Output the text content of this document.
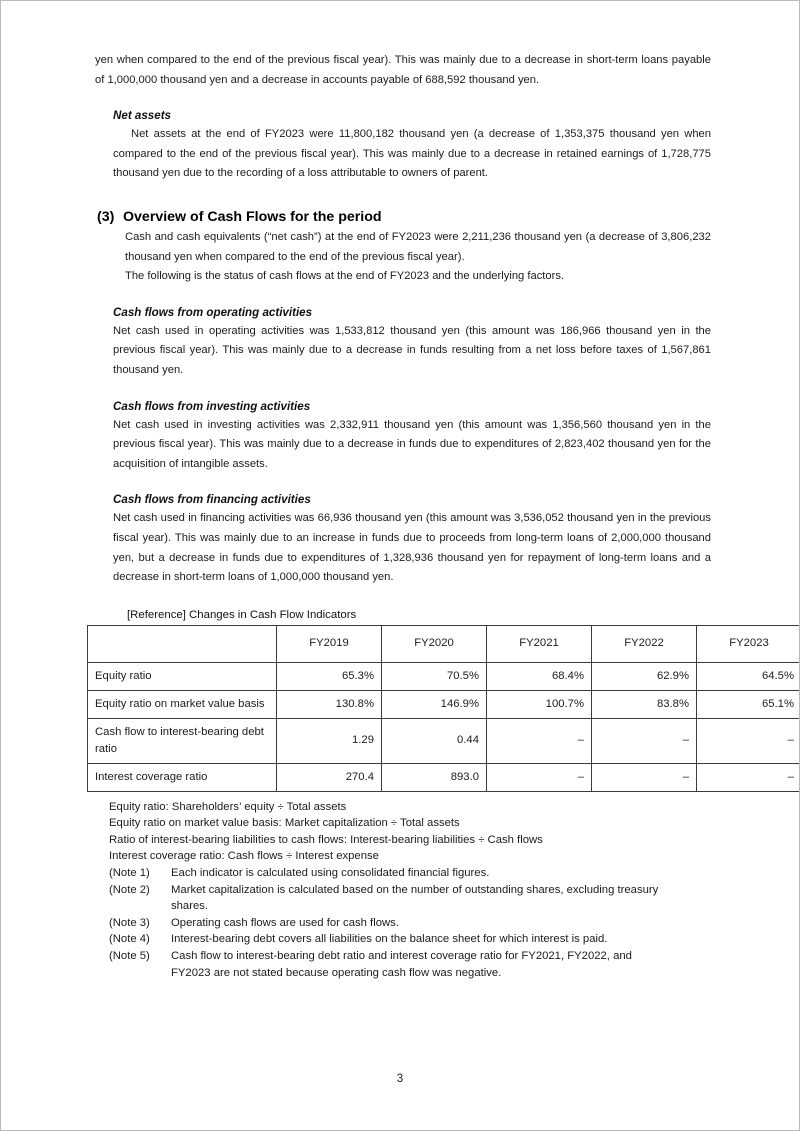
yen when compared to the end of the previous fiscal year). This was mainly due to a decrease in short-term loans payable of 1,000,000 thousand yen and a decrease in accounts payable of 688,592 thousand yen.

Net assets

Net assets at the end of FY2023 were 11,800,182 thousand yen (a decrease of 1,353,375 thousand yen when compared to the end of the previous fiscal year). This was mainly due to a decrease in retained earnings of 1,728,775 thousand yen due to the recording of a loss attributable to owners of parent.

(3) Overview of Cash Flows for the period

Cash and cash equivalents (“net cash”) at the end of FY2023 were 2,211,236 thousand yen (a decrease of 3,806,232 thousand yen when compared to the end of the previous fiscal year).

The following is the status of cash flows at the end of FY2023 and the underlying factors.

Cash flows from operating activities

Net cash used in operating activities was 1,533,812 thousand yen (this amount was 186,966 thousand yen in the previous fiscal year). This was mainly due to a decrease in funds resulting from a net loss before taxes of 1,567,861 thousand yen.

Cash flows from investing activities

Net cash used in investing activities was 2,332,911 thousand yen (this amount was 1,356,560 thousand yen in the previous fiscal year). This was mainly due to a decrease in funds due to expenditures of 2,823,402 thousand yen for the acquisition of intangible assets.

Cash flows from financing activities

Net cash used in financing activities was 66,936 thousand yen (this amount was 3,536,052 thousand yen in the previous fiscal year). This was mainly due to an increase in funds due to proceeds from long-term loans of 2,000,000 thousand yen, but a decrease in funds due to expenditures of 1,328,936 thousand yen for repayment of long-term loans and a decrease in short-term loans of 1,000,000 thousand yen.

[Reference] Changes in Cash Flow Indicators
	FY2019	FY2020	FY2021	FY2022	FY2023
Equity ratio	65.3%	70.5%	68.4%	62.9%	64.5%
Equity ratio on market value basis	130.8%	146.9%	100.7%	83.8%	65.1%
Cash flow to interest-bearing debt ratio	1.29	0.44	–	–	–
Interest coverage ratio	270.4	893.0	–	–	–
Equity ratio: Shareholders’ equity ÷ Total assets
Equity ratio on market value basis: Market capitalization ÷ Total assets
Ratio of interest-bearing liabilities to cash flows: Interest-bearing liabilities ÷ Cash flows
Interest coverage ratio: Cash flows ÷ Interest expense
(Note 1)	Each indicator is calculated using consolidated financial figures.
(Note 2)	Market capitalization is calculated based on the number of outstanding shares, excluding treasury
shares.
(Note 3)	Operating cash flows are used for cash flows.
(Note 4)	Interest-bearing debt covers all liabilities on the balance sheet for which interest is paid.
(Note 5)	Cash flow to interest-bearing debt ratio and interest coverage ratio for FY2021, FY2022, and
FY2023 are not stated because operating cash flow was negative.
3
